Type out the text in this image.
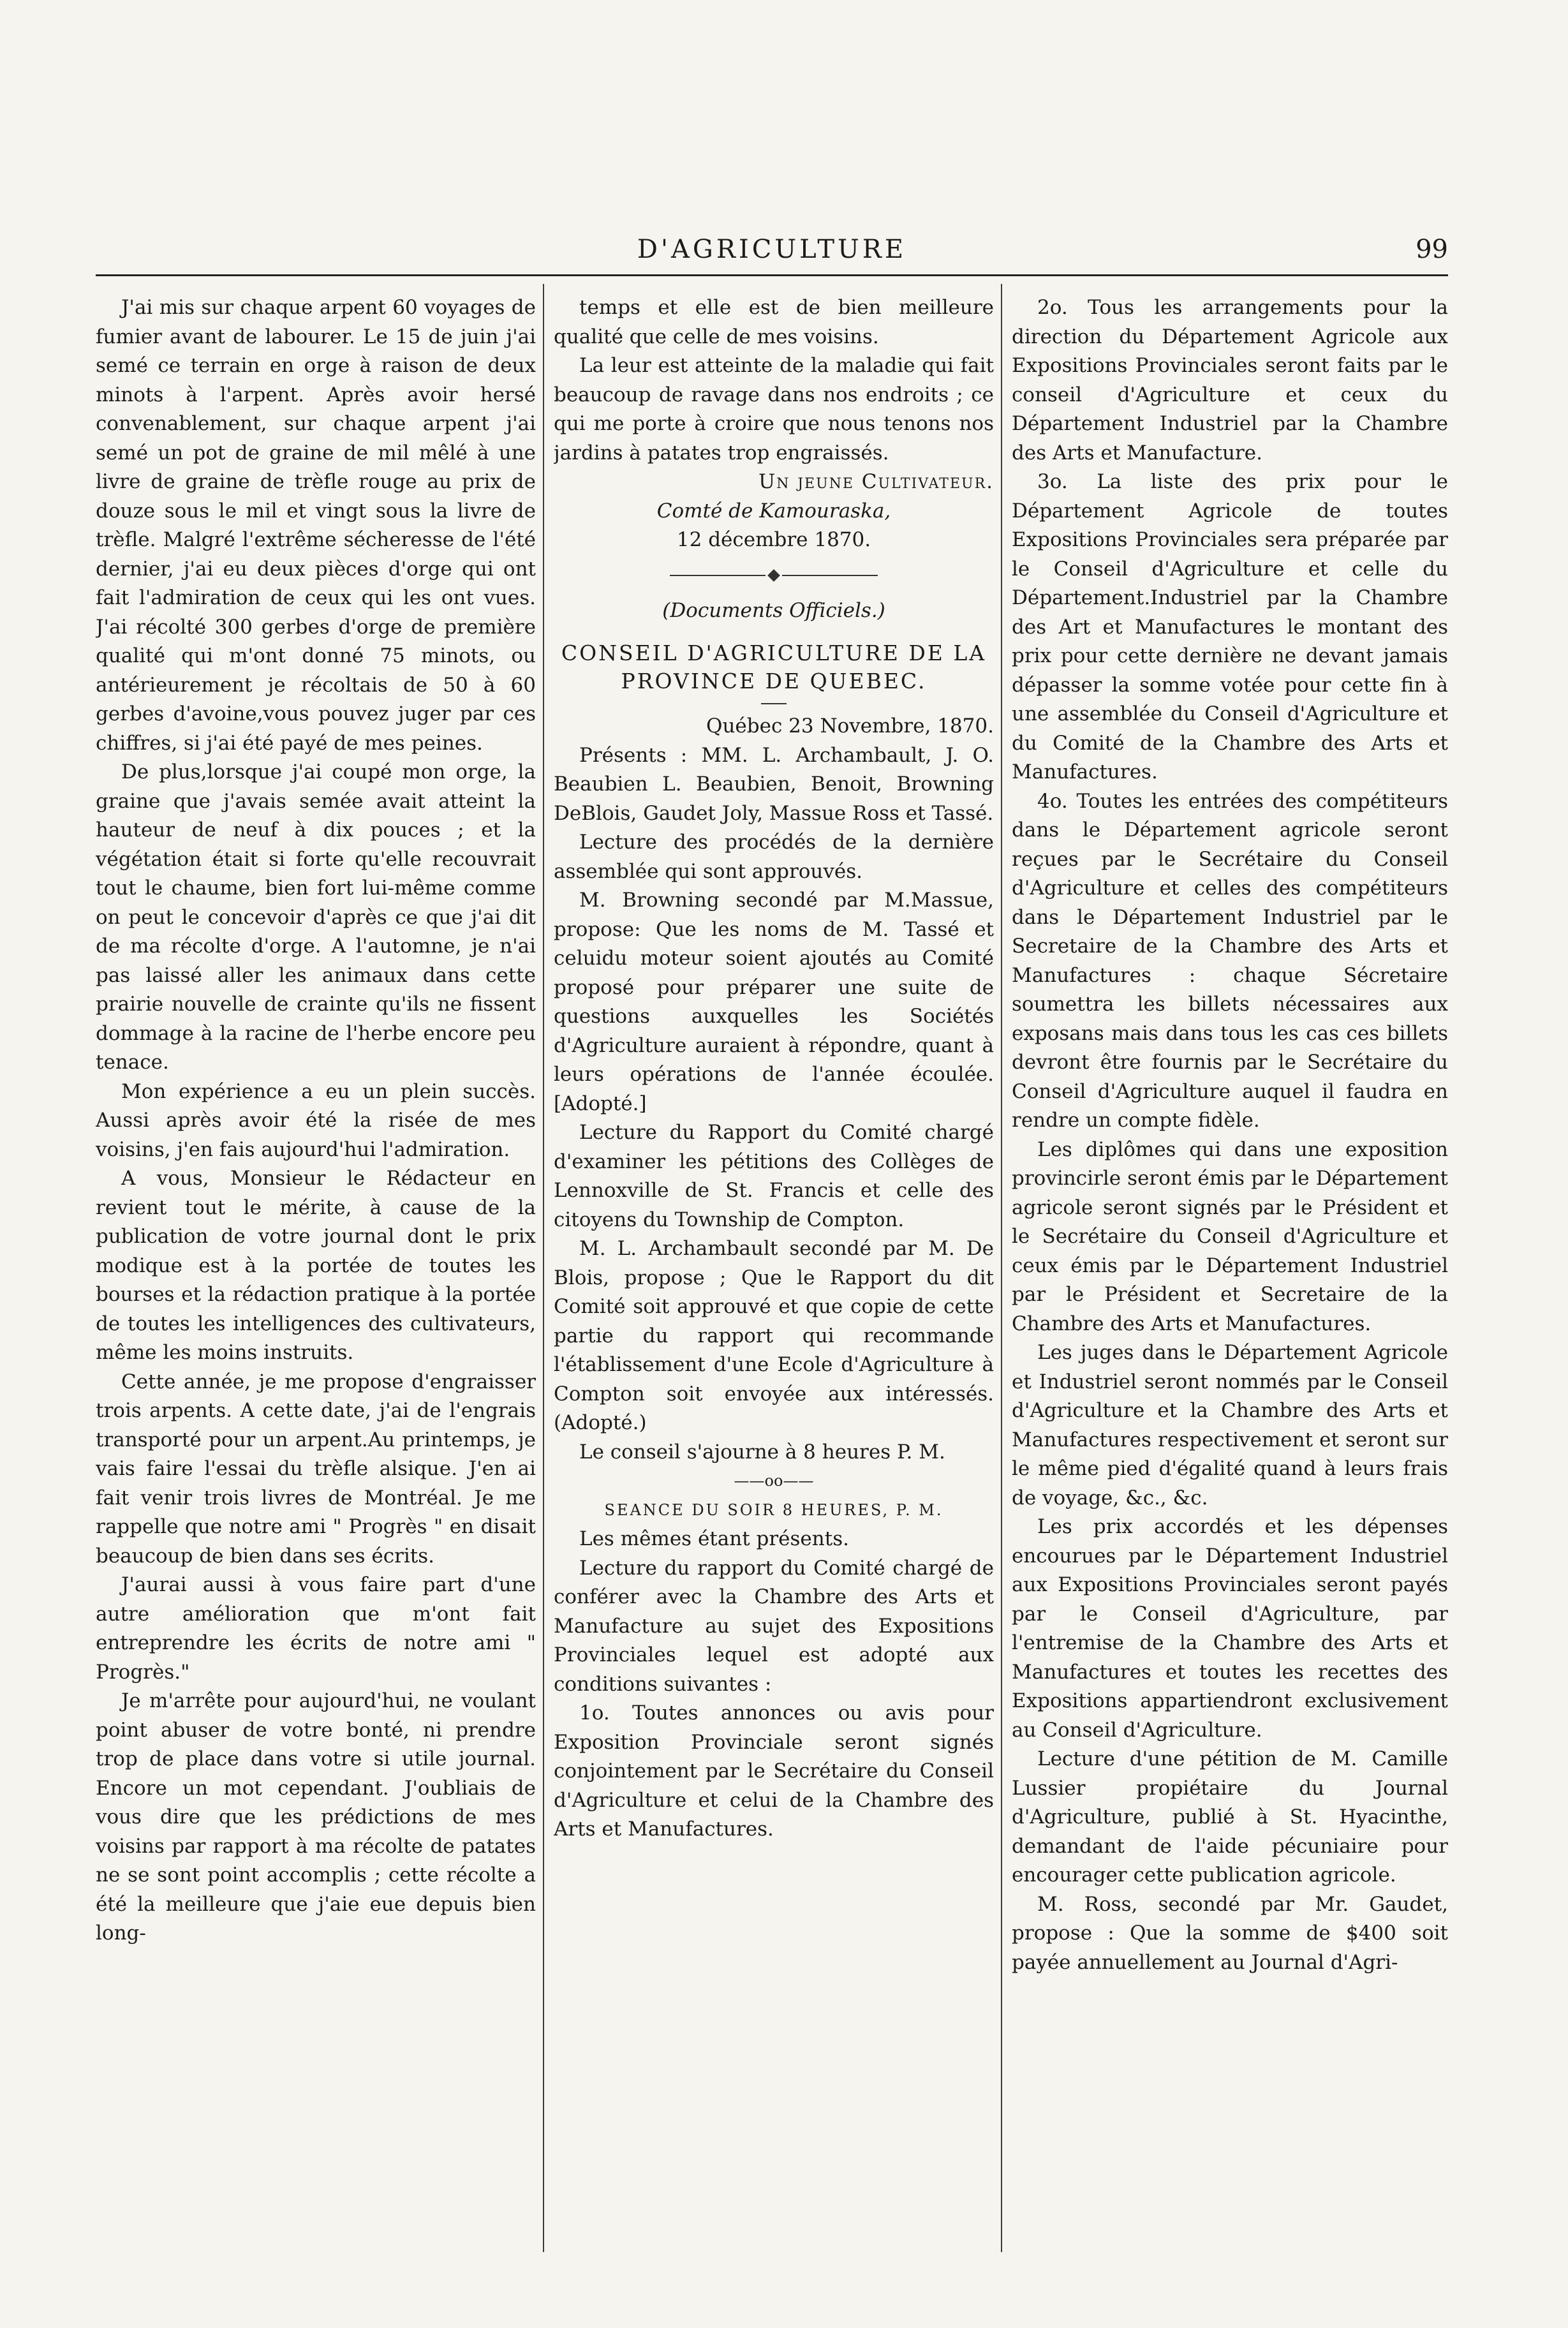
D'AGRICULTURE	99

J'ai mis sur chaque arpent 60 voyages de fumier avant de labourer. Le 15 de juin j'ai semé ce terrain en orge à raison de deux minots à l'arpent. Après avoir hersé convenablement, sur chaque arpent j'ai semé un pot de graine de mil mêlé à une livre de graine de trèfle rouge au prix de douze sous le mil et vingt sous la livre de trèfle. Malgré l'extrême sécheresse de l'été dernier, j'ai eu deux pièces d'orge qui ont fait l'admiration de ceux qui les ont vues. J'ai récolté 300 gerbes d'orge de première qualité qui m'ont donné 75 minots, ou antérieurement je récoltais de 50 à 60 gerbes d'avoine,vous pouvez juger par ces chiffres, si j'ai été payé de mes peines.

De plus,lorsque j'ai coupé mon orge, la graine que j'avais semée avait atteint la hauteur de neuf à dix pouces ; et la végétation était si forte qu'elle recouvrait tout le chaume, bien fort lui-même comme on peut le concevoir d'après ce que j'ai dit de ma récolte d'orge. A l'automne, je n'ai pas laissé aller les animaux dans cette prairie nouvelle de crainte qu'ils ne fissent dommage à la racine de l'herbe encore peu tenace.

Mon expérience a eu un plein succès. Aussi après avoir été la risée de mes voisins, j'en fais aujourd'hui l'admiration.

A vous, Monsieur le Rédacteur en revient tout le mérite, à cause de la publication de votre journal dont le prix modique est à la portée de toutes les bourses et la rédaction pratique à la portée de toutes les intelligences des cultivateurs, même les moins instruits.

Cette année, je me propose d'engraisser trois arpents. A cette date, j'ai de l'engrais transporté pour un arpent.Au printemps, je vais faire l'essai du trèfle alsique. J'en ai fait venir trois livres de Montréal. Je me rappelle que notre ami " Progrès " en disait beaucoup de bien dans ses écrits.

J'aurai aussi à vous faire part d'une autre amélioration que m'ont fait entreprendre les écrits de notre ami " Progrès."

Je m'arrête pour aujourd'hui, ne voulant point abuser de votre bonté, ni prendre trop de place dans votre si utile journal. Encore un mot cependant. J'oubliais de vous dire que les prédictions de mes voisins par rapport à ma récolte de patates ne se sont point accomplis ; cette récolte a été la meilleure que j'aie eue depuis bien long-

temps et elle est de bien meilleure qualité que celle de mes voisins.

La leur est atteinte de la maladie qui fait beaucoup de ravage dans nos endroits ; ce qui me porte à croire que nous tenons nos jardins à patates trop engraissés.

Un jeune Cultivateur.

Comté de Kamouraska,

12 décembre 1870.

(Documents Officiels.)

CONSEIL D'AGRICULTURE DE LA PROVINCE DE QUEBEC.

Québec 23 Novembre, 1870.

Présents : MM. L. Archambault, J. O. Beaubien L. Beaubien, Benoit, Browning DeBlois, Gaudet Joly, Massue Ross et Tassé.

Lecture des procédés de la dernière assemblée qui sont approuvés.

M. Browning secondé par M.Massue, propose: Que les noms de M. Tassé et celuidu moteur soient ajoutés au Comité proposé pour préparer une suite de questions auxquelles les Sociétés d'Agriculture auraient à répondre, quant à leurs opérations de l'année écoulée. [Adopté.]

Lecture du Rapport du Comité chargé d'examiner les pétitions des Collèges de Lennoxville de St. Francis et celle des citoyens du Township de Compton.

M. L. Archambault secondé par M. De Blois, propose ; Que le Rapport du dit Comité soit approuvé et que copie de cette partie du rapport qui recommande l'établissement d'une Ecole d'Agriculture à Compton soit envoyée aux intéressés. (Adopté.)

Le conseil s'ajourne à 8 heures P. M.

——oo——

SEANCE DU SOIR 8 HEURES, P. M.

Les mêmes étant présents.

Lecture du rapport du Comité chargé de conférer avec la Chambre des Arts et Manufacture au sujet des Expositions Provinciales lequel est adopté aux conditions suivantes :

1o. Toutes annonces ou avis pour Exposition Provinciale seront signés conjointement par le Secrétaire du Conseil d'Agriculture et celui de la Chambre des Arts et Manufactures.

2o. Tous les arrangements pour la direction du Département Agricole aux Expositions Provinciales seront faits par le conseil d'Agriculture et ceux du Département Industriel par la Chambre des Arts et Manufacture.

3o. La liste des prix pour le Département Agricole de toutes Expositions Provinciales sera préparée par le Conseil d'Agriculture et celle du Département.Industriel par la Chambre des Art et Manufactures le montant des prix pour cette dernière ne devant jamais dépasser la somme votée pour cette fin à une assemblée du Conseil d'Agriculture et du Comité de la Chambre des Arts et Manufactures.

4o. Toutes les entrées des compétiteurs dans le Département agricole seront reçues par le Secrétaire du Conseil d'Agriculture et celles des compétiteurs dans le Département Industriel par le Secretaire de la Chambre des Arts et Manufactures : chaque Sécretaire soumettra les billets nécessaires aux exposans mais dans tous les cas ces billets devront être fournis par le Secrétaire du Conseil d'Agriculture auquel il faudra en rendre un compte fidèle.

Les diplômes qui dans une exposition provincirle seront émis par le Département agricole seront signés par le Président et le Secrétaire du Conseil d'Agriculture et ceux émis par le Département Industriel par le Président et Secretaire de la Chambre des Arts et Manufactures.

Les juges dans le Département Agricole et Industriel seront nommés par le Conseil d'Agriculture et la Chambre des Arts et Manufactures respectivement et seront sur le même pied d'égalité quand à leurs frais de voyage, &c., &c.

Les prix accordés et les dépenses encourues par le Département Industriel aux Expositions Provinciales seront payés par le Conseil d'Agriculture, par l'entremise de la Chambre des Arts et Manufactures et toutes les recettes des Expositions appartiendront exclusivement au Conseil d'Agriculture.

Lecture d'une pétition de M. Camille Lussier propiétaire du Journal d'Agriculture, publié à St. Hyacinthe, demandant de l'aide pécuniaire pour encourager cette publication agricole.

M. Ross, secondé par Mr. Gaudet, propose : Que la somme de $400 soit payée annuellement au Journal d'Agri-
